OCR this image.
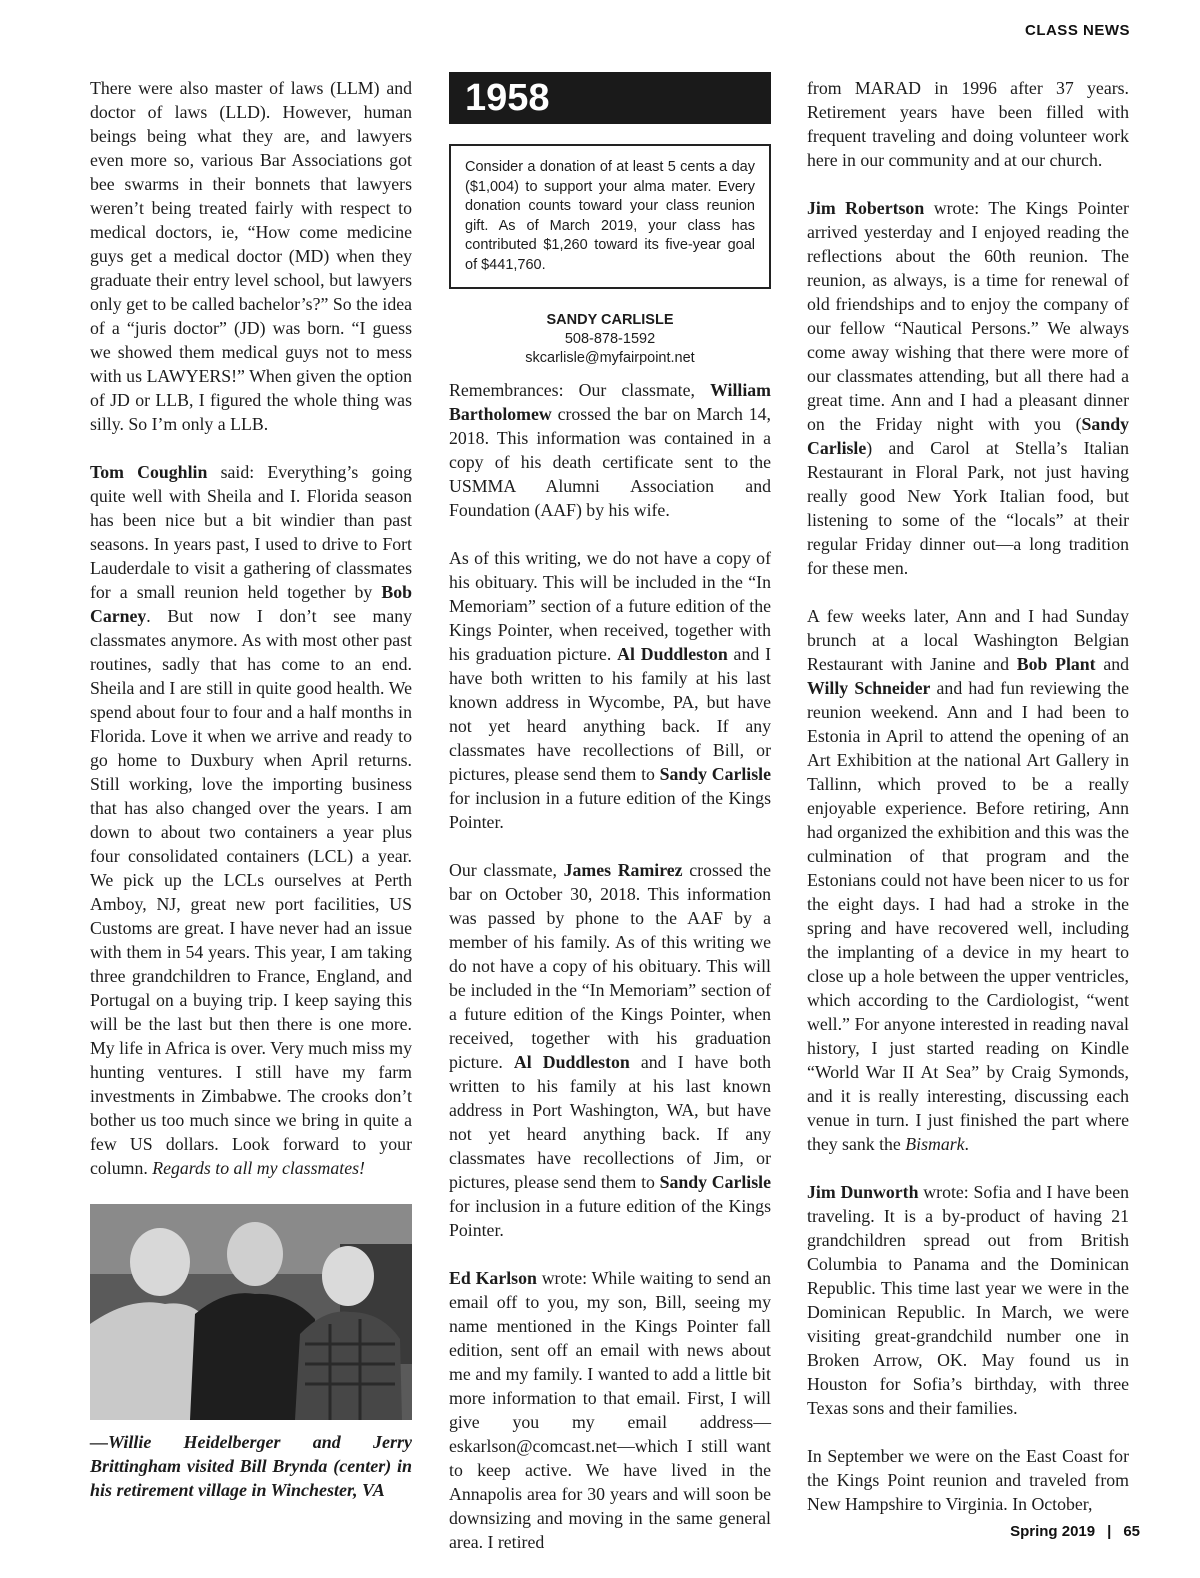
CLASS NEWS

There were also master of laws (LLM) and doctor of laws (LLD). However, human beings being what they are, and lawyers even more so, various Bar Associations got bee swarms in their bonnets that lawyers weren’t being treated fairly with respect to medical doctors, ie, “How come medicine guys get a medical doctor (MD) when they graduate their entry level school, but lawyers only get to be called bachelor’s?” So the idea of a “juris doctor” (JD) was born. “I guess we showed them medical guys not to mess with us LAWYERS!” When given the option of JD or LLB, I figured the whole thing was silly. So I’m only a LLB.

Tom Coughlin said: Everything’s going quite well with Sheila and I. Florida season has been nice but a bit windier than past seasons. In years past, I used to drive to Fort Lauderdale to visit a gathering of classmates for a small reunion held together by Bob Carney. But now I don’t see many classmates anymore. As with most other past routines, sadly that has come to an end. Sheila and I are still in quite good health. We spend about four to four and a half months in Florida. Love it when we arrive and ready to go home to Duxbury when April returns. Still working, love the importing business that has also changed over the years. I am down to about two containers a year plus four consolidated containers (LCL) a year. We pick up the LCLs ourselves at Perth Amboy, NJ, great new port facilities, US Customs are great. I have never had an issue with them in 54 years. This year, I am taking three grandchildren to France, England, and Portugal on a buying trip. I keep saying this will be the last but then there is one more. My life in Africa is over. Very much miss my hunting ventures. I still have my farm investments in Zimbabwe. The crooks don’t bother us too much since we bring in quite a few US dollars. Look forward to your column. Regards to all my classmates!

—Willie Heidelberger and Jerry Brittingham visited Bill Brynda (center) in his retirement village in Winchester, VA
1958
Consider a donation of at least 5 cents a day ($1,004) to support your alma mater. Every donation counts toward your class reunion gift. As of March 2019, your class has contributed $1,260 toward its five-year goal of $441,760.
SANDY CARLISLE
508-878-1592
skcarlisle@myfairpoint.net

Remembrances: Our classmate, William Bartholomew crossed the bar on March 14, 2018. This information was contained in a copy of his death certificate sent to the USMMA Alumni Association and Foundation (AAF) by his wife.

As of this writing, we do not have a copy of his obituary. This will be included in the “In Memoriam” section of a future edition of the Kings Pointer, when received, together with his graduation picture. Al Duddleston and I have both written to his family at his last known address in Wycombe, PA, but have not yet heard anything back. If any classmates have recollections of Bill, or pictures, please send them to Sandy Carlisle for inclusion in a future edition of the Kings Pointer.

Our classmate, James Ramirez crossed the bar on October 30, 2018. This information was passed by phone to the AAF by a member of his family. As of this writing we do not have a copy of his obituary. This will be included in the “In Memoriam” section of a future edition of the Kings Pointer, when received, together with his graduation picture. Al Duddleston and I have both written to his family at his last known address in Port Washington, WA, but have not yet heard anything back. If any classmates have recollections of Jim, or pictures, please send them to Sandy Carlisle for inclusion in a future edition of the Kings Pointer.

Ed Karlson wrote: While waiting to send an email off to you, my son, Bill, seeing my name mentioned in the Kings Pointer fall edition, sent off an email with news about me and my family. I wanted to add a little bit more information to that email. First, I will give you my email address—eskarlson@comcast.net—which I still want to keep active. We have lived in the Annapolis area for 30 years and will soon be downsizing and moving in the same general area. I retired

from MARAD in 1996 after 37 years. Retirement years have been filled with frequent traveling and doing volunteer work here in our community and at our church.

Jim Robertson wrote: The Kings Pointer arrived yesterday and I enjoyed reading the reflections about the 60th reunion. The reunion, as always, is a time for renewal of old friendships and to enjoy the company of our fellow “Nautical Persons.” We always come away wishing that there were more of our classmates attending, but all there had a great time. Ann and I had a pleasant dinner on the Friday night with you (Sandy Carlisle) and Carol at Stella’s Italian Restaurant in Floral Park, not just having really good New York Italian food, but listening to some of the “locals” at their regular Friday dinner out—a long tradition for these men.

A few weeks later, Ann and I had Sunday brunch at a local Washington Belgian Restaurant with Janine and Bob Plant and Willy Schneider and had fun reviewing the reunion weekend. Ann and I had been to Estonia in April to attend the opening of an Art Exhibition at the national Art Gallery in Tallinn, which proved to be a really enjoyable experience. Before retiring, Ann had organized the exhibition and this was the culmination of that program and the Estonians could not have been nicer to us for the eight days. I had had a stroke in the spring and have recovered well, including the implanting of a device in my heart to close up a hole between the upper ventricles, which according to the Cardiologist, “went well.” For anyone interested in reading naval history, I just started reading on Kindle “World War II At Sea” by Craig Symonds, and it is really interesting, discussing each venue in turn. I just finished the part where they sank the Bismark.

Jim Dunworth wrote: Sofia and I have been traveling. It is a by-product of having 21 grandchildren spread out from British Columbia to Panama and the Dominican Republic. This time last year we were in the Dominican Republic. In March, we were visiting great-grandchild number one in Broken Arrow, OK. May found us in Houston for Sofia’s birthday, with three Texas sons and their families.

In September we were on the East Coast for the Kings Point reunion and traveled from New Hampshire to Virginia. In October,

Spring 2019 | 65
